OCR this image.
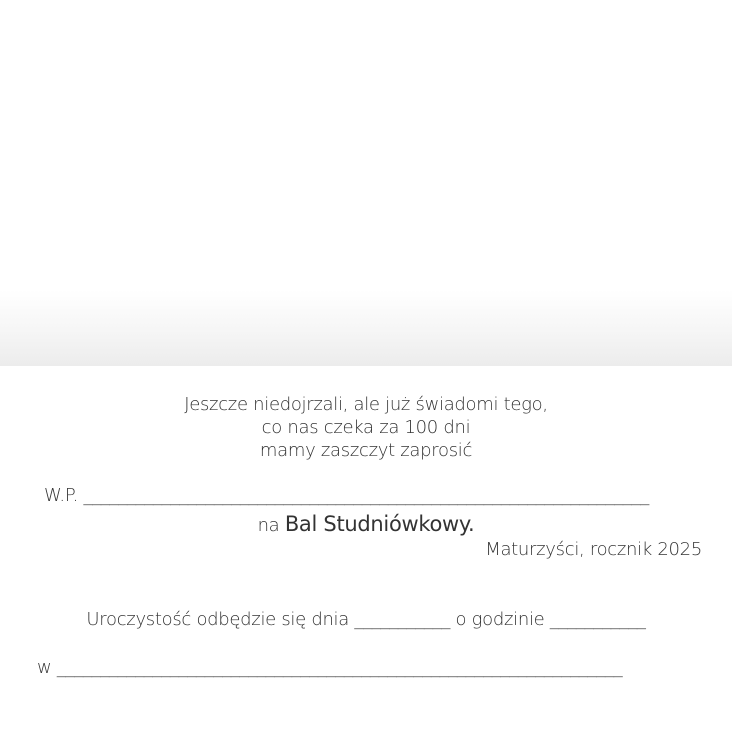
Jeszcze niedojrzali, ale już świadomi tego,
co nas czeka za 100 dni
mamy zaszczyt zaprosić
W.P. _________________________________________________________________
na Bal Studniówkowy.
Maturzyści, rocznik 2025
Uroczystość odbędzie się dnia ___________ o godzinie ___________
w _________________________________________________________________
